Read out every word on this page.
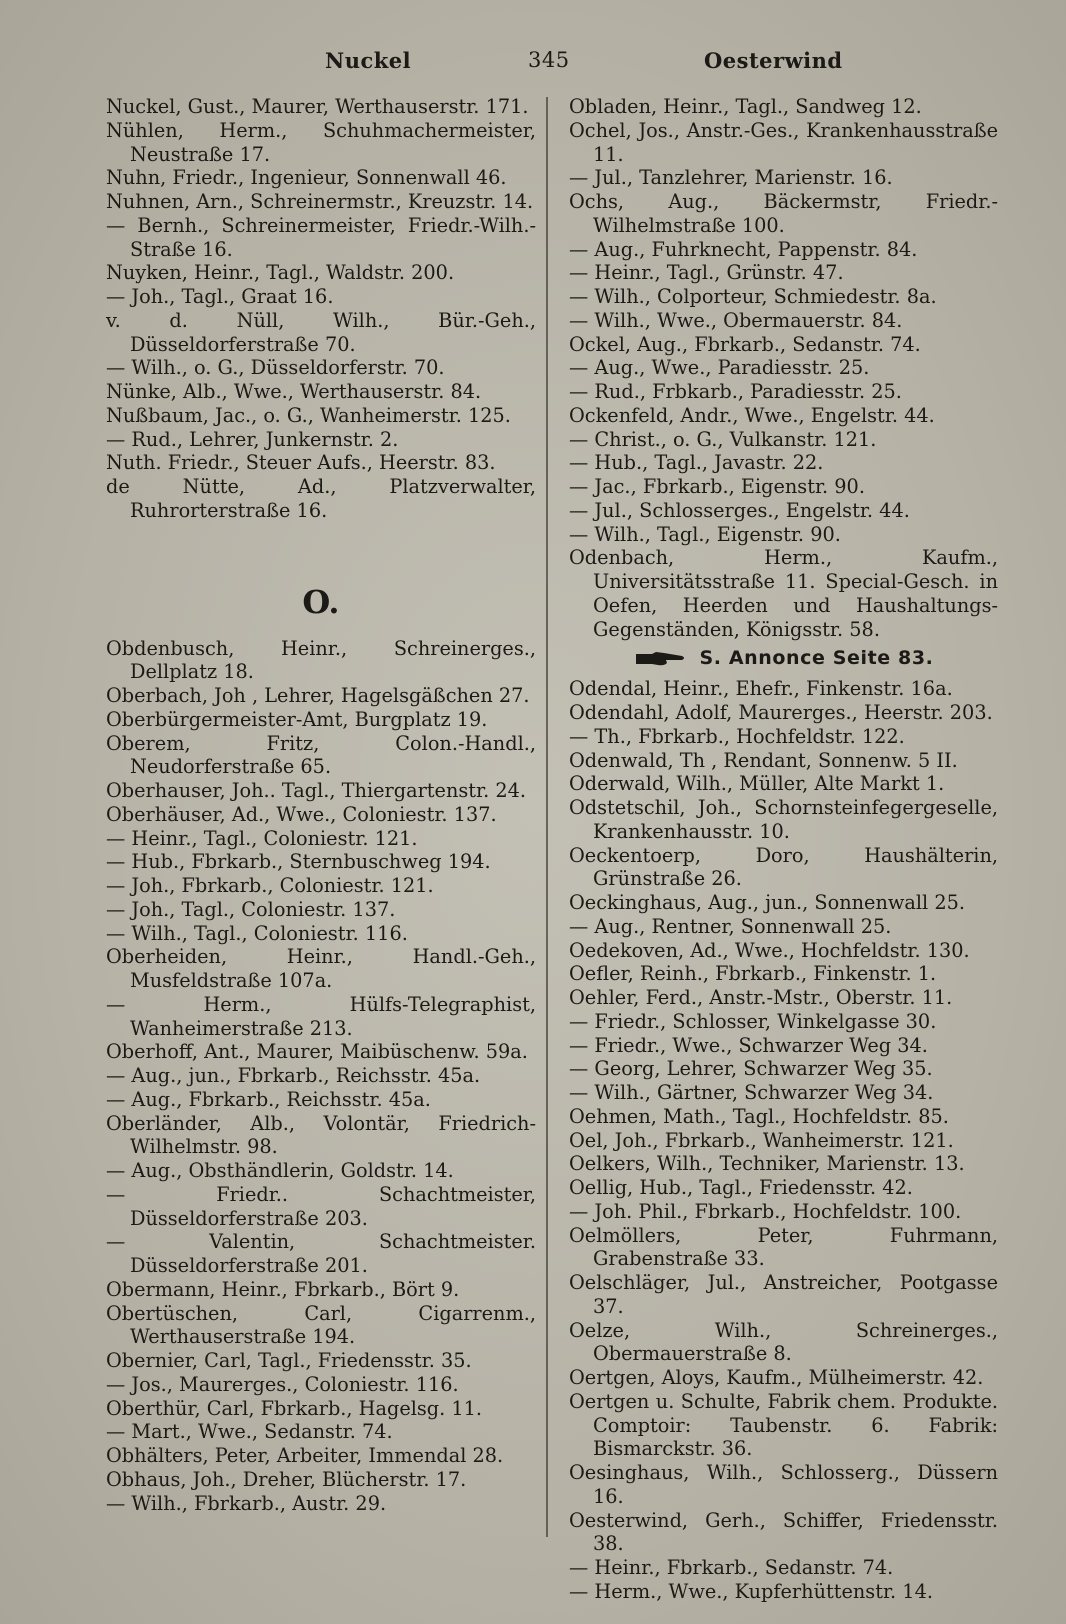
Nuckel	345	Oesterwind
Nuckel, Gust., Maurer, Werthauserstr. 171.
Nühlen, Herm., Schuhmachermeister, Neustraße 17.
Nuhn, Friedr., Ingenieur, Sonnenwall 46.
Nuhnen, Arn., Schreinermstr., Kreuzstr. 14.
— Bernh., Schreinermeister, Friedr.-Wilh.-Straße 16.
Nuyken, Heinr., Tagl., Waldstr. 200.
— Joh., Tagl., Graat 16.
v. d. Nüll, Wilh., Bür.-Geh., Düsseldorferstraße 70.
— Wilh., o. G., Düsseldorferstr. 70.
Nünke, Alb., Wwe., Werthauserstr. 84.
Nußbaum, Jac., o. G., Wanheimerstr. 125.
— Rud., Lehrer, Junkernstr. 2.
Nuth. Friedr., Steuer Aufs., Heerstr. 83.
de Nütte, Ad., Platzverwalter, Ruhrorterstraße 16.
O.
Obdenbusch, Heinr., Schreinerges., Dellplatz 18.
Oberbach, Joh , Lehrer, Hagelsgäßchen 27.
Oberbürgermeister-Amt, Burgplatz 19.
Oberem, Fritz, Colon.-Handl., Neudorferstraße 65.
Oberhauser, Joh.. Tagl., Thiergartenstr. 24.
Oberhäuser, Ad., Wwe., Coloniestr. 137.
— Heinr., Tagl., Coloniestr. 121.
— Hub., Fbrkarb., Sternbuschweg 194.
— Joh., Fbrkarb., Coloniestr. 121.
— Joh., Tagl., Coloniestr. 137.
— Wilh., Tagl., Coloniestr. 116.
Oberheiden, Heinr., Handl.-Geh., Musfeldstraße 107a.
— Herm., Hülfs-Telegraphist, Wanheimerstraße 213.
Oberhoff, Ant., Maurer, Maibüschenw. 59a.
— Aug., jun., Fbrkarb., Reichsstr. 45a.
— Aug., Fbrkarb., Reichsstr. 45a.
Oberländer, Alb., Volontär, Friedrich-Wilhelmstr. 98.
— Aug., Obsthändlerin, Goldstr. 14.
— Friedr.. Schachtmeister, Düsseldorferstraße 203.
— Valentin, Schachtmeister. Düsseldorferstraße 201.
Obermann, Heinr., Fbrkarb., Bört 9.
Obertüschen, Carl, Cigarrenm., Werthauserstraße 194.
Obernier, Carl, Tagl., Friedensstr. 35.
— Jos., Maurerges., Coloniestr. 116.
Oberthür, Carl, Fbrkarb., Hagelsg. 11.
— Mart., Wwe., Sedanstr. 74.
Obhälters, Peter, Arbeiter, Immendal 28.
Obhaus, Joh., Dreher, Blücherstr. 17.
— Wilh., Fbrkarb., Austr. 29.
Obladen, Heinr., Tagl., Sandweg 12.
Ochel, Jos., Anstr.-Ges., Krankenhausstraße 11.
— Jul., Tanzlehrer, Marienstr. 16.
Ochs, Aug., Bäckermstr, Friedr.-Wilhelmstraße 100.
— Aug., Fuhrknecht, Pappenstr. 84.
— Heinr., Tagl., Grünstr. 47.
— Wilh., Colporteur, Schmiedestr. 8a.
— Wilh., Wwe., Obermauerstr. 84.
Ockel, Aug., Fbrkarb., Sedanstr. 74.
— Aug., Wwe., Paradiesstr. 25.
— Rud., Frbkarb., Paradiesstr. 25.
Ockenfeld, Andr., Wwe., Engelstr. 44.
— Christ., o. G., Vulkanstr. 121.
— Hub., Tagl., Javastr. 22.
— Jac., Fbrkarb., Eigenstr. 90.
— Jul., Schlosserges., Engelstr. 44.
— Wilh., Tagl., Eigenstr. 90.
Odenbach, Herm., Kaufm., Universitätsstraße 11. Special-Gesch. in Oefen, Heerden und Haushaltungs-Gegenständen, Königsstr. 58.
S. Annonce Seite 83.
Odendal, Heinr., Ehefr., Finkenstr. 16a.
Odendahl, Adolf, Maurerges., Heerstr. 203.
— Th., Fbrkarb., Hochfeldstr. 122.
Odenwald, Th , Rendant, Sonnenw. 5 II.
Oderwald, Wilh., Müller, Alte Markt 1.
Odstetschil, Joh., Schornsteinfegergeselle, Krankenhausstr. 10.
Oeckentoerp, Doro, Haushälterin, Grünstraße 26.
Oeckinghaus, Aug., jun., Sonnenwall 25.
— Aug., Rentner, Sonnenwall 25.
Oedekoven, Ad., Wwe., Hochfeldstr. 130.
Oefler, Reinh., Fbrkarb., Finkenstr. 1.
Oehler, Ferd., Anstr.-Mstr., Oberstr. 11.
— Friedr., Schlosser, Winkelgasse 30.
— Friedr., Wwe., Schwarzer Weg 34.
— Georg, Lehrer, Schwarzer Weg 35.
— Wilh., Gärtner, Schwarzer Weg 34.
Oehmen, Math., Tagl., Hochfeldstr. 85.
Oel, Joh., Fbrkarb., Wanheimerstr. 121.
Oelkers, Wilh., Techniker, Marienstr. 13.
Oellig, Hub., Tagl., Friedensstr. 42.
— Joh. Phil., Fbrkarb., Hochfeldstr. 100.
Oelmöllers, Peter, Fuhrmann, Grabenstraße 33.
Oelschläger, Jul., Anstreicher, Pootgasse 37.
Oelze, Wilh., Schreinerges., Obermauerstraße 8.
Oertgen, Aloys, Kaufm., Mülheimerstr. 42.
Oertgen u. Schulte, Fabrik chem. Produkte. Comptoir: Taubenstr. 6. Fabrik: Bismarckstr. 36.
Oesinghaus, Wilh., Schlosserg., Düssern 16.
Oesterwind, Gerh., Schiffer, Friedensstr. 38.
— Heinr., Fbrkarb., Sedanstr. 74.
— Herm., Wwe., Kupferhüttenstr. 14.
